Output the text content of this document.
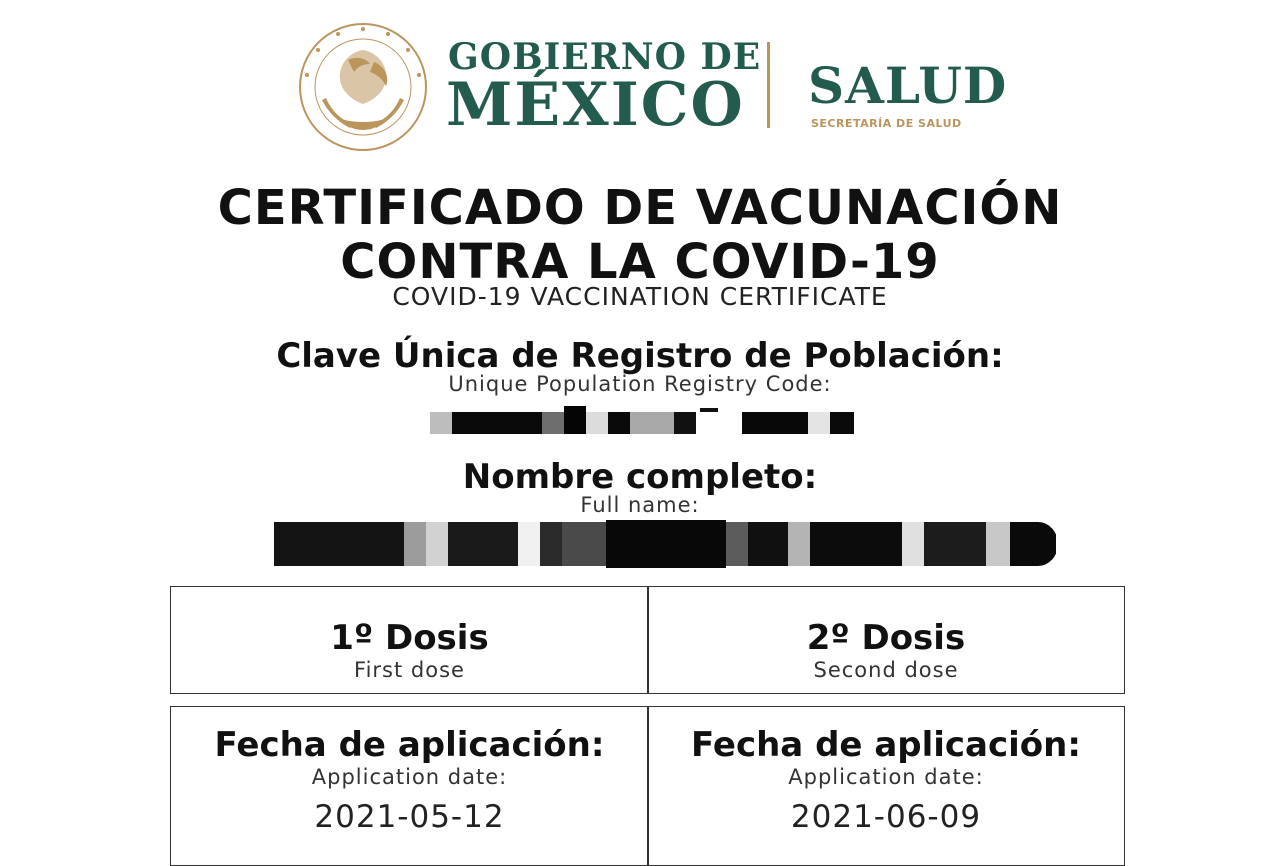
GOBIERNO DE
MÉXICO SALUD
SECRETARÍA DE SALUD
CERTIFICADO DE VACUNACIÓN
CONTRA LA COVID-19
COVID-19 VACCINATION CERTIFICATE
Clave Única de Registro de Población:
Unique Population Registry Code:
Nombre completo:
Full name:
1º Dosis
First dose
2º Dosis
Second dose
Fecha de aplicación:
Application date:
2021-05-12
Fecha de aplicación:
Application date:
2021-06-09
